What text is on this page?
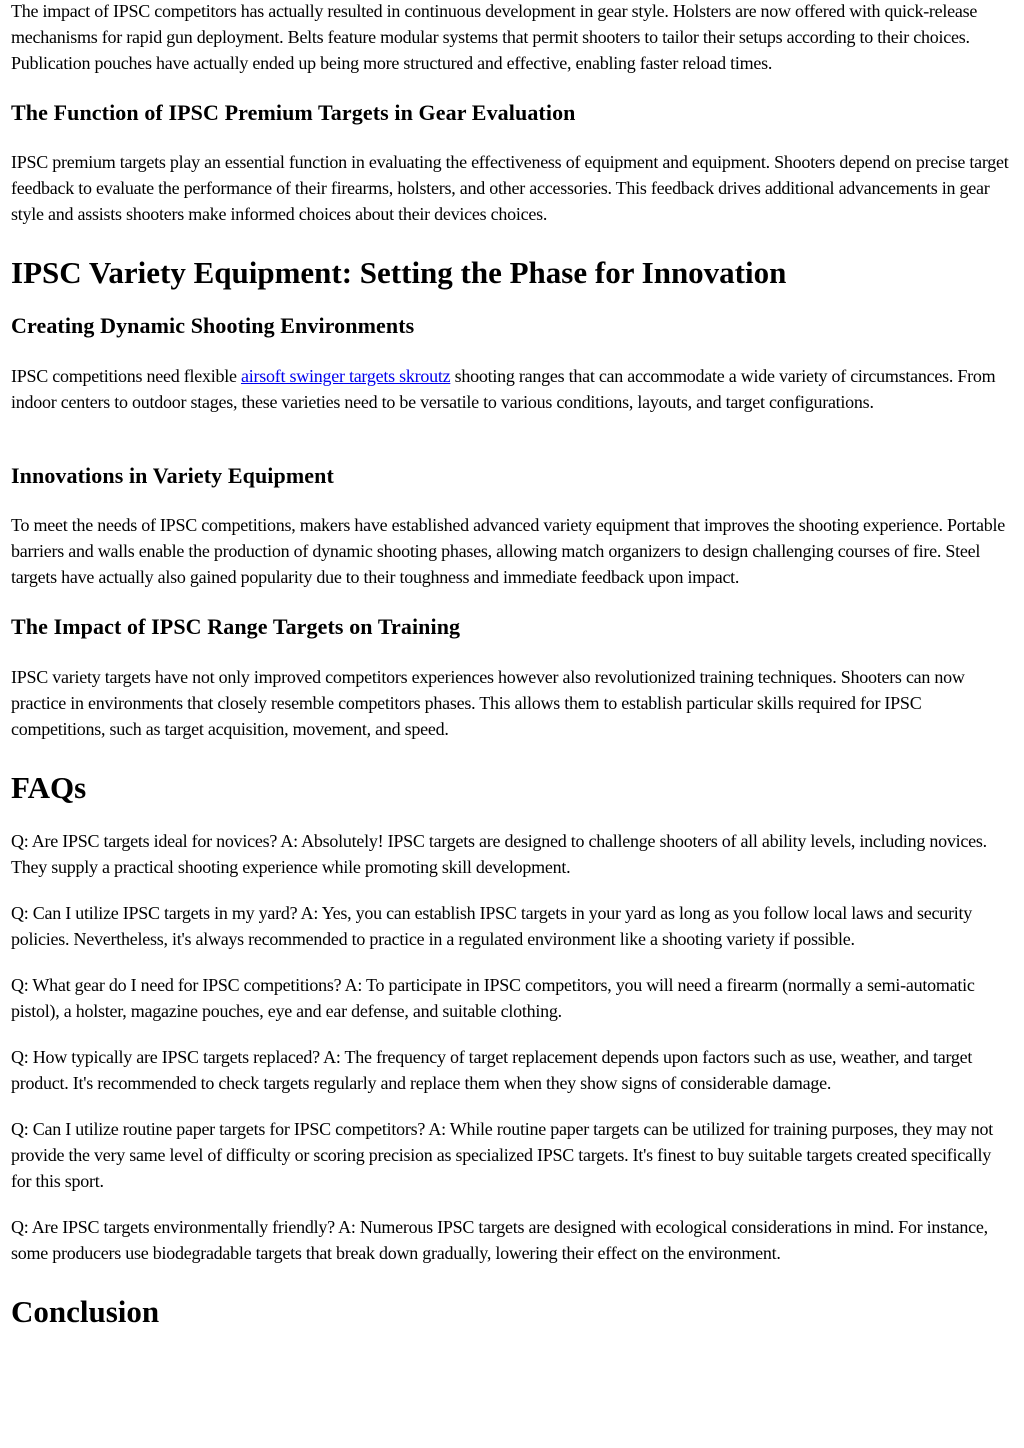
The impact of IPSC competitors has actually resulted in continuous development in gear style. Holsters are now offered with quick-release mechanisms for rapid gun deployment. Belts feature modular systems that permit shooters to tailor their setups according to their choices. Publication pouches have actually ended up being more structured and effective, enabling faster reload times.

The Function of IPSC Premium Targets in Gear Evaluation

IPSC premium targets play an essential function in evaluating the effectiveness of equipment and equipment. Shooters depend on precise target feedback to evaluate the performance of their firearms, holsters, and other accessories. This feedback drives additional advancements in gear style and assists shooters make informed choices about their devices choices.

IPSC Variety Equipment: Setting the Phase for Innovation
Creating Dynamic Shooting Environments

IPSC competitions need flexible airsoft swinger targets skroutz shooting ranges that can accommodate a wide variety of circumstances. From indoor centers to outdoor stages, these varieties need to be versatile to various conditions, layouts, and target configurations.

Innovations in Variety Equipment

To meet the needs of IPSC competitions, makers have established advanced variety equipment that improves the shooting experience. Portable barriers and walls enable the production of dynamic shooting phases, allowing match organizers to design challenging courses of fire. Steel targets have actually also gained popularity due to their toughness and immediate feedback upon impact.

The Impact of IPSC Range Targets on Training

IPSC variety targets have not only improved competitors experiences however also revolutionized training techniques. Shooters can now practice in environments that closely resemble competitors phases. This allows them to establish particular skills required for IPSC competitions, such as target acquisition, movement, and speed.

FAQs

Q: Are IPSC targets ideal for novices? A: Absolutely! IPSC targets are designed to challenge shooters of all ability levels, including novices. They supply a practical shooting experience while promoting skill development.

Q: Can I utilize IPSC targets in my yard? A: Yes, you can establish IPSC targets in your yard as long as you follow local laws and security policies. Nevertheless, it's always recommended to practice in a regulated environment like a shooting variety if possible.

Q: What gear do I need for IPSC competitions? A: To participate in IPSC competitors, you will need a firearm (normally a semi-automatic pistol), a holster, magazine pouches, eye and ear defense, and suitable clothing.

Q: How typically are IPSC targets replaced? A: The frequency of target replacement depends upon factors such as use, weather, and target product. It's recommended to check targets regularly and replace them when they show signs of considerable damage.

Q: Can I utilize routine paper targets for IPSC competitors? A: While routine paper targets can be utilized for training purposes, they may not provide the very same level of difficulty or scoring precision as specialized IPSC targets. It's finest to buy suitable targets created specifically for this sport.

Q: Are IPSC targets environmentally friendly? A: Numerous IPSC targets are designed with ecological considerations in mind. For instance, some producers use biodegradable targets that break down gradually, lowering their effect on the environment.

Conclusion
